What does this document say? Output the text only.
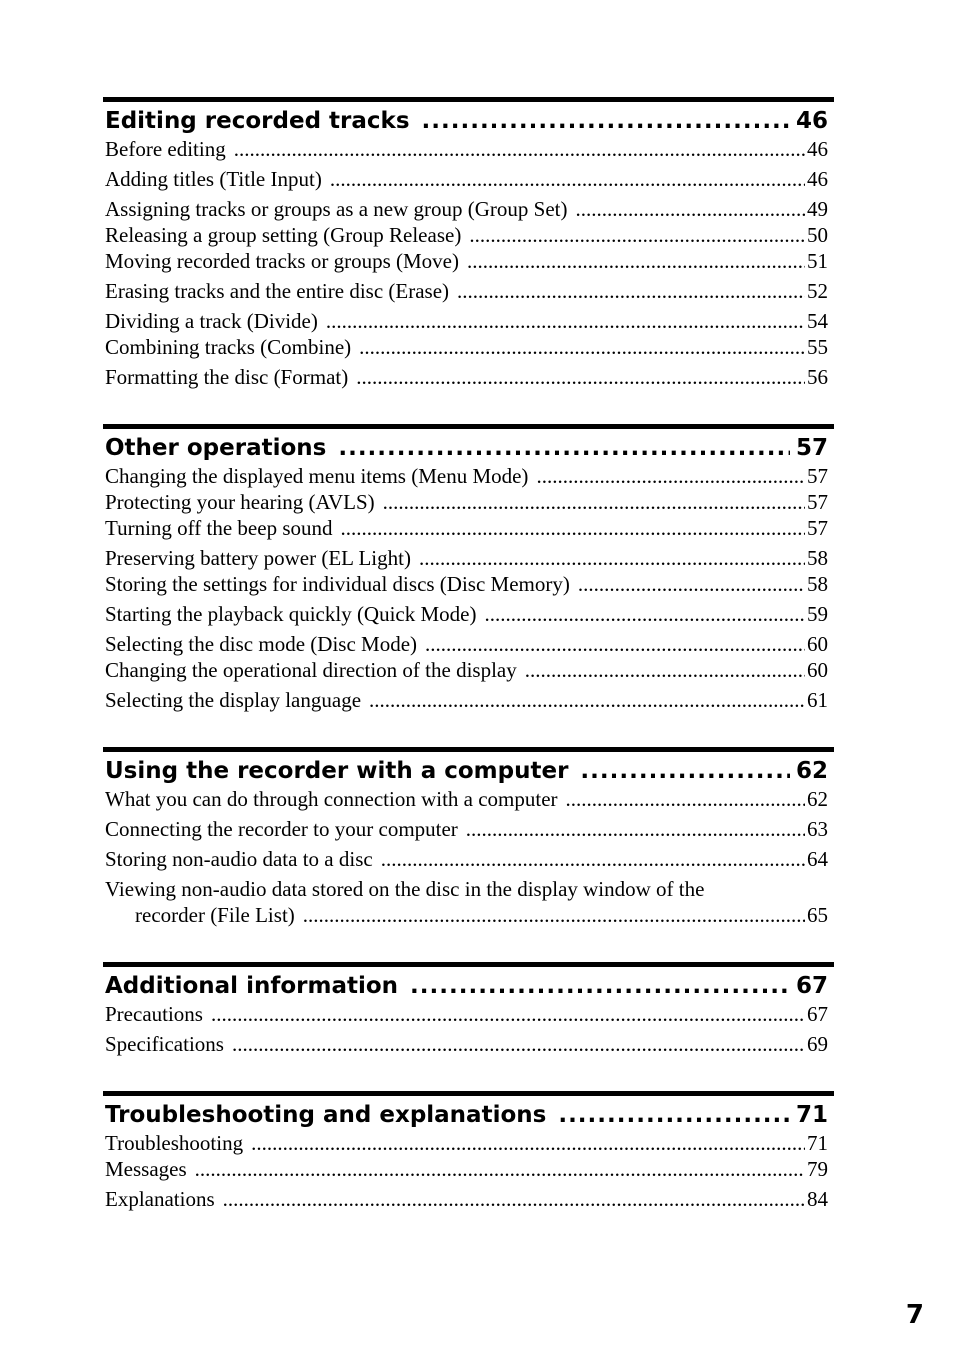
Editing recorded tracks .....	46
Before editing .....	46
Adding titles (Title Input) .....	46
Assigning tracks or groups as a new group (Group Set) .....	49
Releasing a group setting (Group Release) .....	50
Moving recorded tracks or groups (Move) .....	51
Erasing tracks and the entire disc (Erase) .....	52
Dividing a track (Divide) .....	54
Combining tracks (Combine) .....	55
Formatting the disc (Format) .....	56
Other operations .....	57
Changing the displayed menu items (Menu Mode) .....	57
Protecting your hearing (AVLS) .....	57
Turning off the beep sound .....	57
Preserving battery power (EL Light) .....	58
Storing the settings for individual discs (Disc Memory) .....	58
Starting the playback quickly (Quick Mode) .....	59
Selecting the disc mode (Disc Mode) .....	60
Changing the operational direction of the display .....	60
Selecting the display language .....	61
Using the recorder with a computer .....	62
What you can do through connection with a computer .....	62
Connecting the recorder to your computer .....	63
Storing non-audio data to a disc .....	64
Viewing non-audio data stored on the disc in the display window of the
recorder (File List) .....	65
Additional information .....	67
Precautions .....	67
Specifications .....	69
Troubleshooting and explanations .....	71
Troubleshooting .....	71
Messages .....	79
Explanations .....	84
7
